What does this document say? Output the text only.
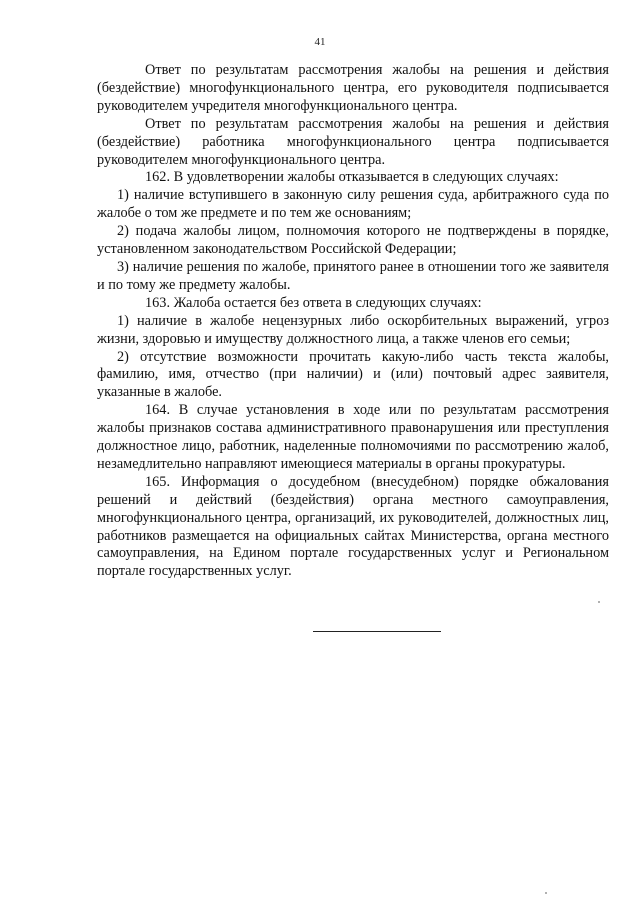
41

Ответ по результатам рассмотрения жалобы на решения и действия (бездействие) многофункционального центра, его руководителя подписывается руководителем учредителя многофункционального центра.

Ответ по результатам рассмотрения жалобы на решения и действия (бездействие) работника многофункционального центра подписывается руководителем многофункционального центра.

162. В удовлетворении жалобы отказывается в следующих случаях:

1) наличие вступившего в законную силу решения суда, арбитражного суда по жалобе о том же предмете и по тем же основаниям;

2) подача жалобы лицом, полномочия которого не подтверждены в порядке, установленном законодательством Российской Федерации;

3) наличие решения по жалобе, принятого ранее в отношении того же заявителя и по тому же предмету жалобы.

163. Жалоба остается без ответа в следующих случаях:

1) наличие в жалобе нецензурных либо оскорбительных выражений, угроз жизни, здоровью и имуществу должностного лица, а также членов его семьи;

2) отсутствие возможности прочитать какую-либо часть текста жалобы, фамилию, имя, отчество (при наличии) и (или) почтовый адрес заявителя, указанные в жалобе.

164. В случае установления в ходе или по результатам рассмотрения жалобы признаков состава административного правонарушения или преступления должностное лицо, работник, наделенные полномочиями по рассмотрению жалоб, незамедлительно направляют имеющиеся материалы в органы прокуратуры.

165. Информация о досудебном (внесудебном) порядке обжалования решений и действий (бездействия) органа местного самоуправления, многофункционального центра, организаций, их руководителей, должностных лиц, работников размещается на официальных сайтах Министерства, органа местного самоуправления, на Едином портале государственных услуг и Региональном портале государственных услуг.
